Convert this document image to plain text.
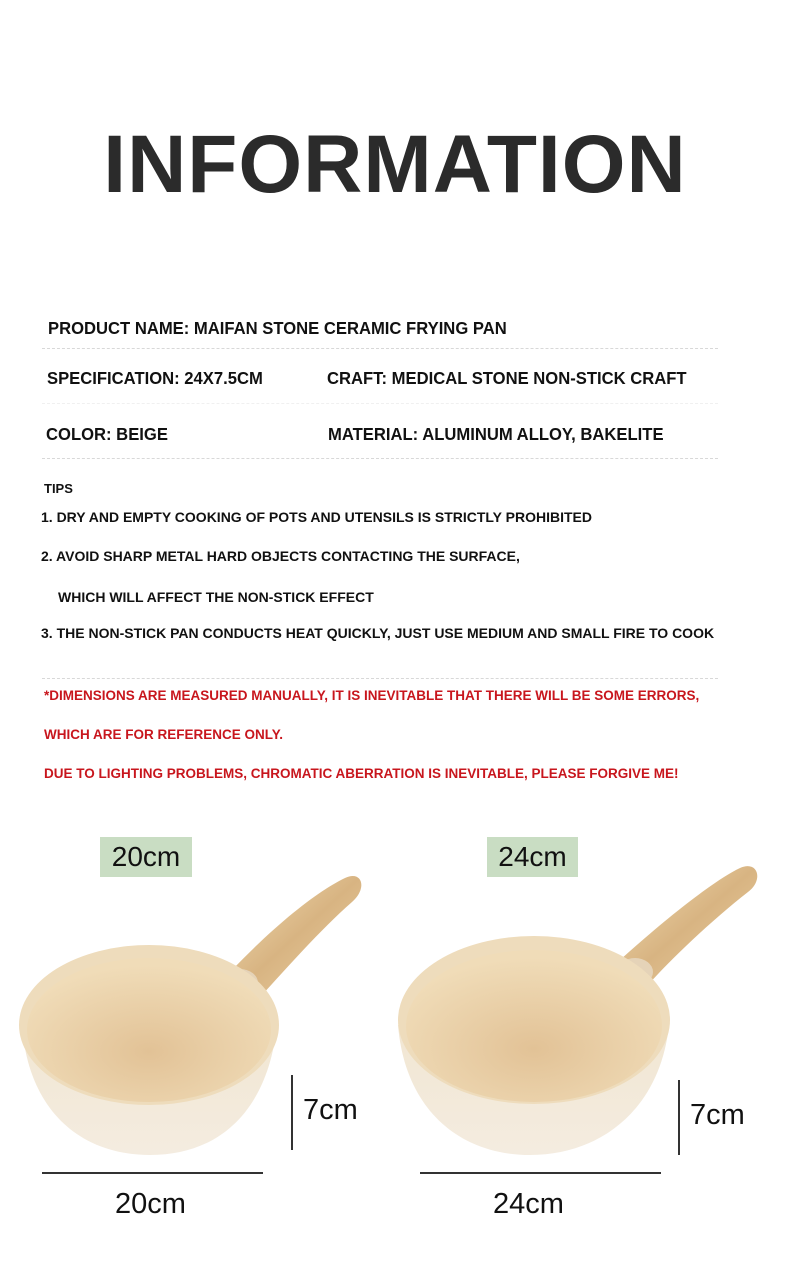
INFORMATION
PRODUCT NAME: MAIFAN STONE CERAMIC FRYING PAN
SPECIFICATION: 24X7.5CM	CRAFT: MEDICAL STONE NON-STICK CRAFT
COLOR: BEIGE	MATERIAL: ALUMINUM ALLOY, BAKELITE
TIPS
1. DRY AND EMPTY COOKING OF POTS AND UTENSILS IS STRICTLY PROHIBITED
2. AVOID SHARP METAL HARD OBJECTS CONTACTING THE SURFACE,
WHICH WILL AFFECT THE NON-STICK EFFECT
3. THE NON-STICK PAN CONDUCTS HEAT QUICKLY, JUST USE MEDIUM AND SMALL FIRE TO COOK
*DIMENSIONS ARE MEASURED MANUALLY, IT IS INEVITABLE THAT THERE WILL BE SOME ERRORS,
WHICH ARE FOR REFERENCE ONLY.
DUE TO LIGHTING PROBLEMS, CHROMATIC ABERRATION IS INEVITABLE, PLEASE FORGIVE ME!
20cm	24cm
7cm
20cm
7cm
24cm
